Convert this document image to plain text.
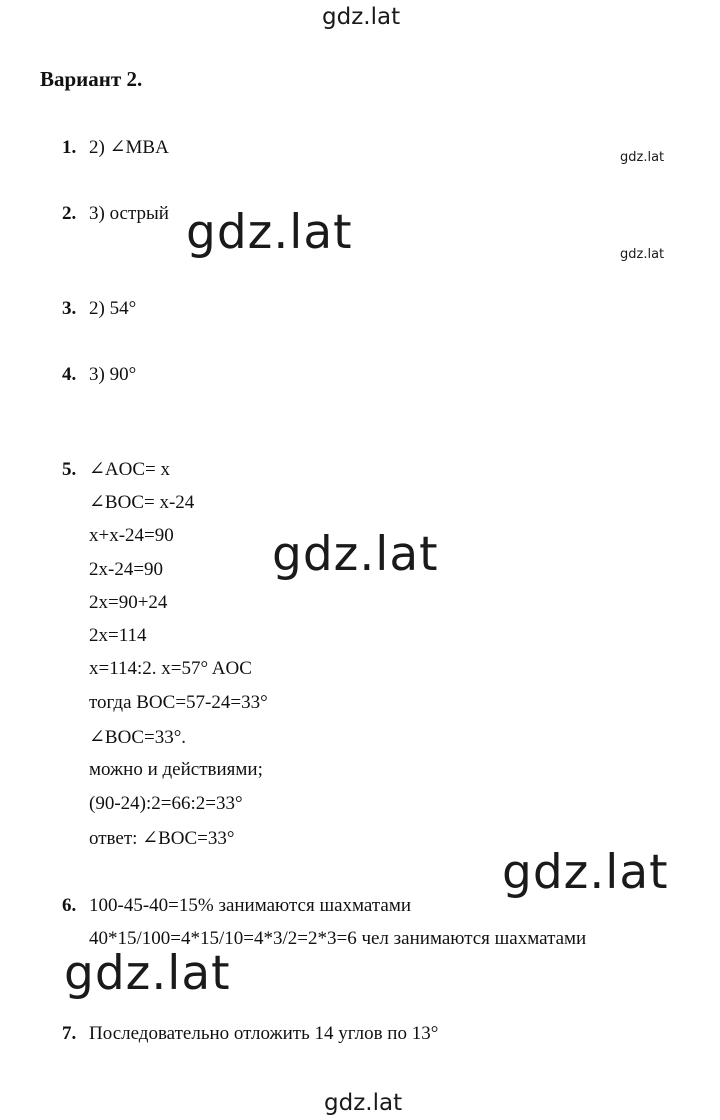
gdz.lat
gdz.lat
gdz.lat
gdz.lat
gdz.lat
gdz.lat
gdz.lat
gdz.lat
Вариант 2.
1. 2) ∠MBA
2. 3) острый
3. 2) 54°
4. 3) 90°
5. ∠AOC= x
∠BOC= x-24
x+x-24=90
2x-24=90
2x=90+24
2x=114
x=114:2. x=57° AOC
тогда BOC=57-24=33°
∠BOC=33°.
можно и действиями;
(90-24):2=66:2=33°
ответ: ∠BOC=33°
6. 100-45-40=15% занимаются шахматами
40*15/100=4*15/10=4*3/2=2*3=6 чел занимаются шахматами
7. Последовательно отложить 14 углов по 13°
